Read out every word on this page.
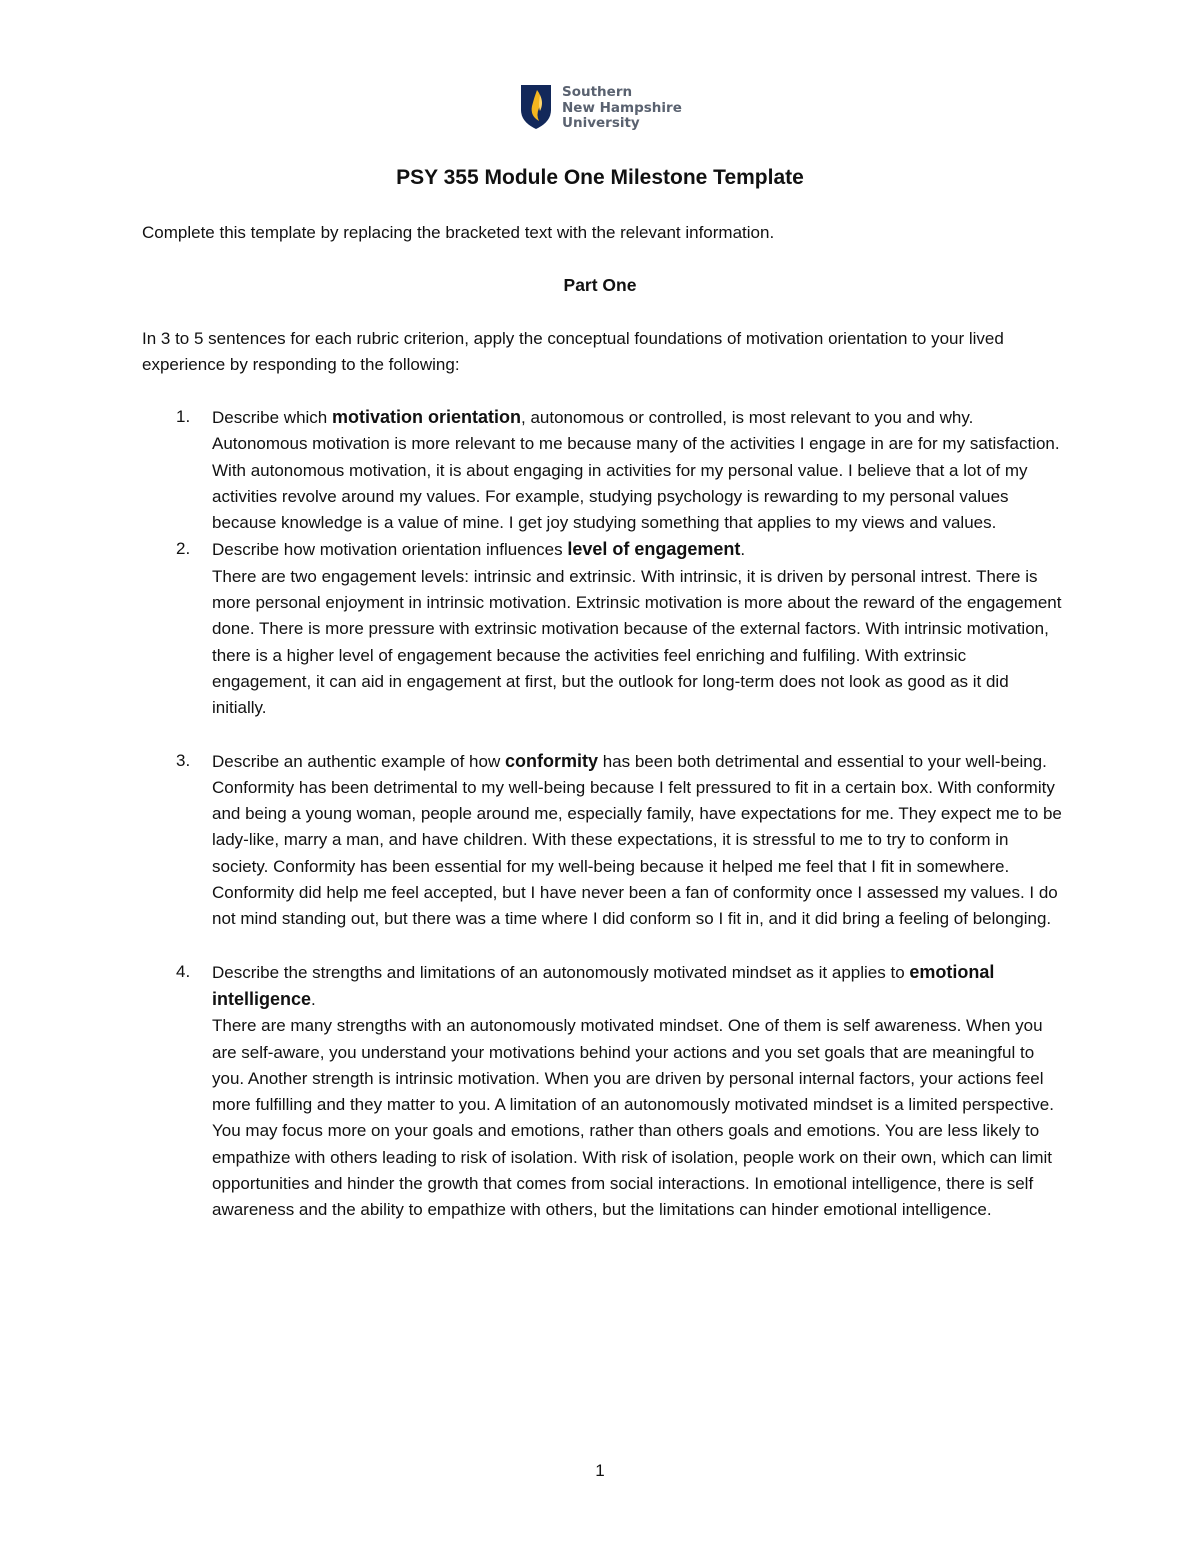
Southern
New Hampshire
University
PSY 355 Module One Milestone Template
Complete this template by replacing the bracketed text with the relevant information.
Part One
In 3 to 5 sentences for each rubric criterion, apply the conceptual foundations of motivation orientation to your lived experience by responding to the following:
1. Describe which motivation orientation, autonomous or controlled, is most relevant to you and why.
Autonomous motivation is more relevant to me because many of the activities I engage in are for my satisfaction. With autonomous motivation, it is about engaging in activities for my personal value. I believe that a lot of my activities revolve around my values. For example, studying psychology is rewarding to my personal values because knowledge is a value of mine. I get joy studying something that applies to my views and values.
2. Describe how motivation orientation influences level of engagement.
There are two engagement levels: intrinsic and extrinsic. With intrinsic, it is driven by personal intrest. There is more personal enjoyment in intrinsic motivation. Extrinsic motivation is more about the reward of the engagement done. There is more pressure with extrinsic motivation because of the external factors. With intrinsic motivation, there is a higher level of engagement because the activities feel enriching and fulfiling. With extrinsic engagement, it can aid in engagement at first, but the outlook for long-term does not look as good as it did initially.
3. Describe an authentic example of how conformity has been both detrimental and essential to your well-being.
Conformity has been detrimental to my well-being because I felt pressured to fit in a certain box. With conformity and being a young woman, people around me, especially family, have expectations for me. They expect me to be lady-like, marry a man, and have children. With these expectations, it is stressful to me to try to conform in society. Conformity has been essential for my well-being because it helped me feel that I fit in somewhere. Conformity did help me feel accepted, but I have never been a fan of conformity once I assessed my values. I do not mind standing out, but there was a time where I did conform so I fit in, and it did bring a feeling of belonging.
4. Describe the strengths and limitations of an autonomously motivated mindset as it applies to emotional intelligence.
There are many strengths with an autonomously motivated mindset. One of them is self awareness. When you are self-aware, you understand your motivations behind your actions and you set goals that are meaningful to you. Another strength is intrinsic motivation. When you are driven by personal internal factors, your actions feel more fulfilling and they matter to you. A limitation of an autonomously motivated mindset is a limited perspective. You may focus more on your goals and emotions, rather than others goals and emotions. You are less likely to empathize with others leading to risk of isolation. With risk of isolation, people work on their own, which can limit opportunities and hinder the growth that comes from social interactions. In emotional intelligence, there is self awareness and the ability to empathize with others, but the limitations can hinder emotional intelligence.
1
